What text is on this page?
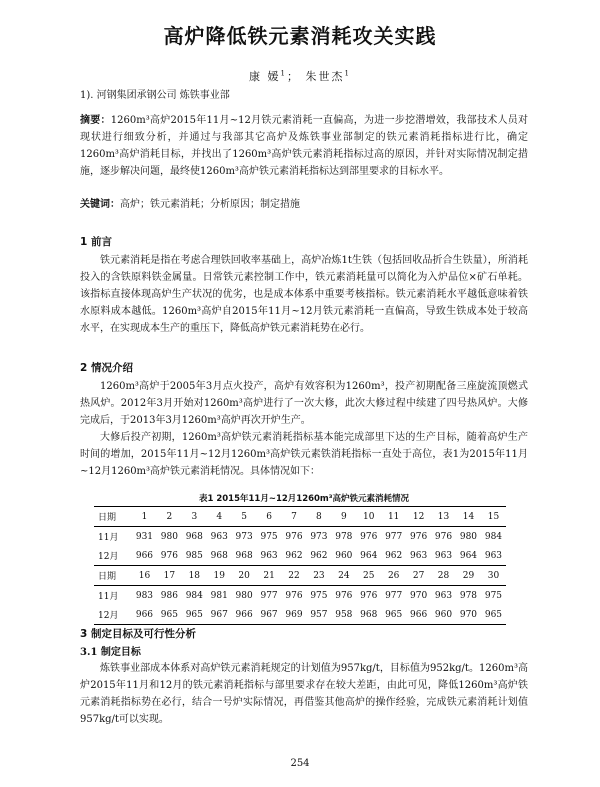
高炉降低铁元素消耗攻关实践
康 媛$^1$； 朱世杰$^1$
1). 河钢集团承钢公司 炼铁事业部

摘要：1260m³高炉2015年11月~12月铁元素消耗一直偏高，为进一步挖潜增效，我部技术人员对现状进行细致分析，并通过与我部其它高炉及炼铁事业部制定的铁元素消耗指标进行比，确定1260m³高炉消耗目标，并找出了1260m³高炉铁元素消耗指标过高的原因，并针对实际情况制定措施，逐步解决问题，最终使1260m³高炉铁元素消耗指标达到部里要求的目标水平。

关键词：高炉；铁元素消耗；分析原因；制定措施

1 前言

铁元素消耗是指在考虑合理铁回收率基础上，高炉冶炼1t生铁（包括回收品折合生铁量），所消耗投入的含铁原料铁金属量。日常铁元素控制工作中，铁元素消耗量可以简化为入炉品位×矿石单耗。该指标直接体现高炉生产状况的优劣，也是成本体系中重要考核指标。铁元素消耗水平越低意味着铁水原料成本越低。1260m³高炉自2015年11月~12月铁元素消耗一直偏高，导致生铁成本处于较高水平，在实现成本生产的重压下，降低高炉铁元素消耗势在必行。

2 情况介绍

1260m³高炉于2005年3月点火投产，高炉有效容积为1260m³，投产初期配备三座旋流顶燃式热风炉。2012年3月开始对1260m³高炉进行了一次大修，此次大修过程中续建了四号热风炉。大修完成后，于2013年3月1260m³高炉再次开炉生产。

大修后投产初期，1260m³高炉铁元素消耗指标基本能完成部里下达的生产目标，随着高炉生产时间的增加，2015年11月~12月1260m³高炉铁元素铁消耗指标一直处于高位，表1为2015年11月~12月1260m³高炉铁元素消耗情况。具体情况如下：

表1 2015年11月~12月1260m³高炉铁元素消耗情况
日期	1	2	3	4	5	6	7	8	9	10	11	12	13	14	15
11月	931	980	968	963	973	975	976	973	978	976	977	976	976	980	984
12月	966	976	985	968	968	963	962	962	960	964	962	963	963	964	963
日期	16	17	18	19	20	21	22	23	24	25	26	27	28	29	30
11月	983	986	984	981	980	977	976	975	976	976	977	970	963	978	975
12月	966	965	965	967	966	967	969	957	958	968	965	966	960	970	965
3 制定目标及可行性分析
3.1 制定目标

炼铁事业部成本体系对高炉铁元素消耗规定的计划值为957kg/t，目标值为952kg/t。1260m³高炉2015年11月和12月的铁元素消耗指标与部里要求存在较大差距，由此可见，降低1260m³高炉铁元素消耗指标势在必行，结合一号炉实际情况，再借鉴其他高炉的操作经验，完成铁元素消耗计划值957kg/t可以实现。

254
